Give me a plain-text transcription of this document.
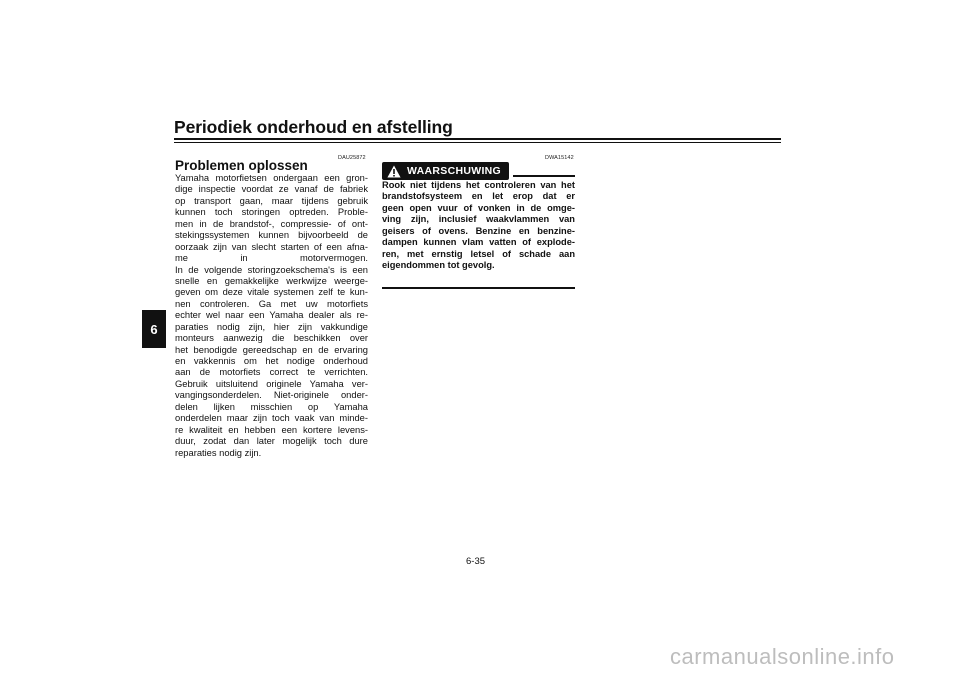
Periodiek onderhoud en afstelling
6
DAU25872
Problemen oplossen

Yamaha motorfietsen ondergaan een gron-
dige inspectie voordat ze vanaf de fabriek
op transport gaan, maar tijdens gebruik
kunnen toch storingen optreden. Proble-
men in de brandstof-, compressie- of ont-
stekingssystemen kunnen bijvoorbeeld de
oorzaak zijn van slecht starten of een afna-
me in motorvermogen.
In de volgende storingzoekschema's is een
snelle en gemakkelijke werkwijze weerge-
geven om deze vitale systemen zelf te kun-
nen controleren. Ga met uw motorfiets
echter wel naar een Yamaha dealer als re-
paraties nodig zijn, hier zijn vakkundige
monteurs aanwezig die beschikken over
het benodigde gereedschap en de ervaring
en vakkennis om het nodige onderhoud
aan de motorfiets correct te verrichten.
Gebruik uitsluitend originele Yamaha ver-
vangingsonderdelen. Niet-originele onder-
delen lijken misschien op Yamaha
onderdelen maar zijn toch vaak van minde-
re kwaliteit en hebben een kortere levens-
duur, zodat dan later mogelijk toch dure
reparaties nodig zijn.

DWA15142
WAARSCHUWING

Rook niet tijdens het controleren van het
brandstofsysteem en let erop dat er
geen open vuur of vonken in de omge-
ving zijn, inclusief waakvlammen van
geisers of ovens. Benzine en benzine-
dampen kunnen vlam vatten of explode-
ren, met ernstig letsel of schade aan
eigendommen tot gevolg.

6-35
carmanualsonline.info
